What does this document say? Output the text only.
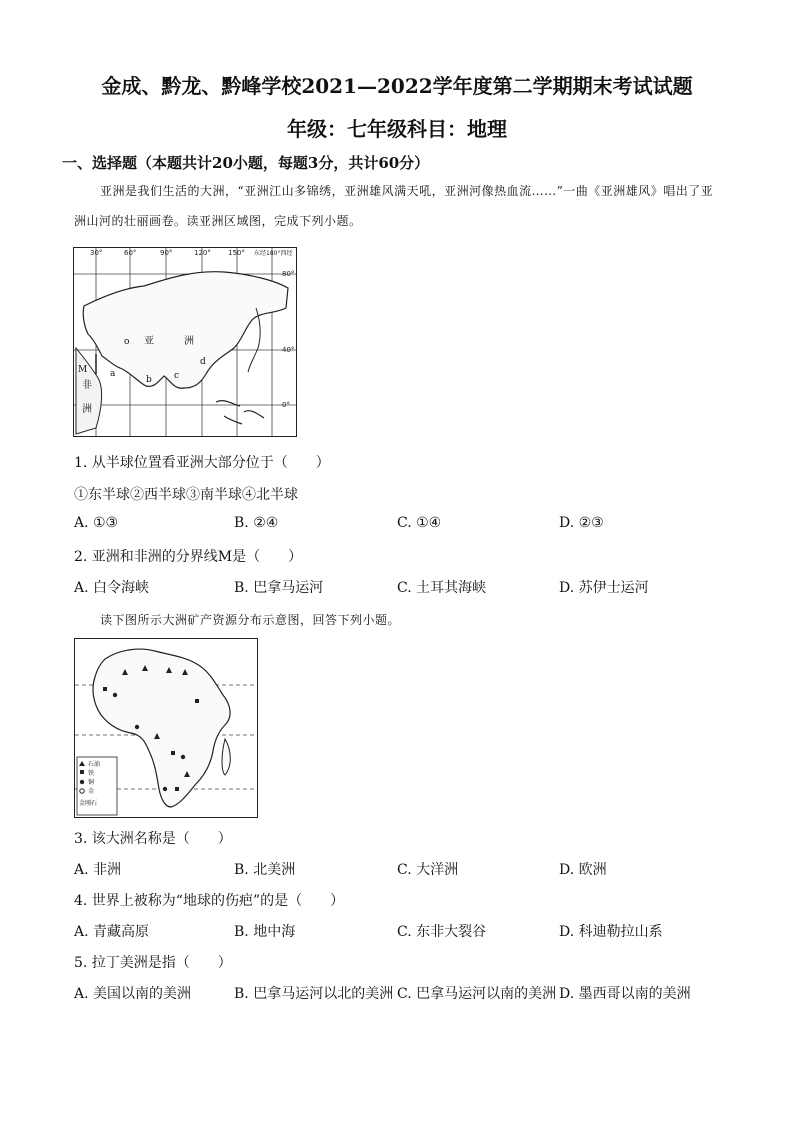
金成、黔龙、黔峰学校2021—2022学年度第二学期期末考试试题
年级：七年级科目：地理
一、选择题（本题共计20小题，每题3分，共计60分）
亚洲是我们生活的大洲，“亚洲江山多锦绣，亚洲雄风满天吼，亚洲河像热血流……”一曲《亚洲雄风》唱出了亚洲山河的壮丽画卷。读亚洲区域图，完成下列小题。
30°	60°	90°	120° 150° 东经180°西经
80°
40°
0°
亚	洲
非
洲
M	a
b c
d
o
1. 从半球位置看亚洲大部分位于（　　）
①东半球②西半球③南半球④北半球
A. ①③	B. ②④	C. ①④	D. ②③
2. 亚洲和非洲的分界线M是（　　）
A. 白令海峡	B. 巴拿马运河	C. 土耳其海峡	D. 苏伊士运河
读下图所示大洲矿产资源分布示意图，回答下列小题。
石油
铁
铜
金
金刚石
3. 该大洲名称是（　　）
A. 非洲	B. 北美洲	C. 大洋洲	D. 欧洲
4. 世界上被称为“地球的伤疤”的是（　　）
A. 青藏高原	B. 地中海	C. 东非大裂谷	D. 科迪勒拉山系
5. 拉丁美洲是指（　　）
A. 美国以南的美洲	B. 巴拿马运河以北的美洲 C. 巴拿马运河以南的美洲 D. 墨西哥以南的美洲
